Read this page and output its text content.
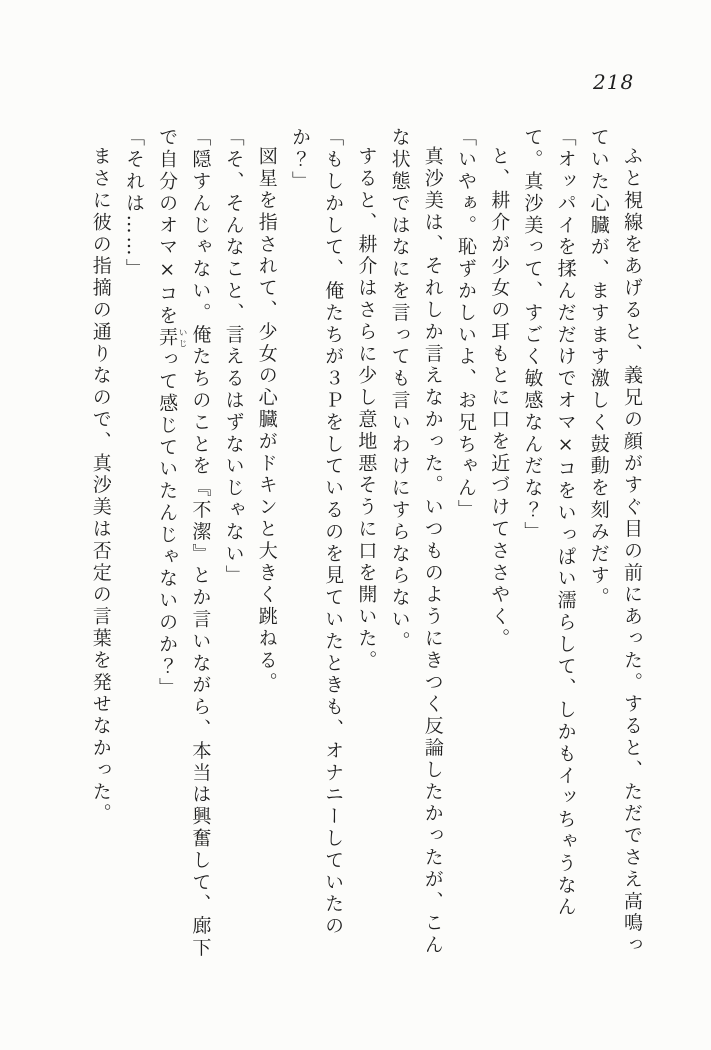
218

ふと視線をあげると、義兄の顔がすぐ目の前にあった。すると、ただでさえ高鳴っていた心臓が、ますます激しく鼓動を刻みだす。

「オッパイを揉んだだけでオマ×コをいっぱい濡らして、しかもイッちゃうなんて。真沙美って、すごく敏感なんだな？」

と、耕介が少女の耳もとに口を近づけてささやく。

「いやぁ。恥ずかしいよ、お兄ちゃん」

真沙美は、それしか言えなかった。いつものようにきつく反論したかったが、こんな状態ではなにを言っても言いわけにすらならない。

すると、耕介はさらに少し意地悪そうに口を開いた。

「もしかして、俺たちが３Ｐをしているのを見ていたときも、オナニーしていたのか？」

図星を指されて、少女の心臓がドキンと大きく跳ねる。

「そ、そんなこと、言えるはずないじゃない」

「隠すんじゃない。俺たちのことを『不潔』とか言いながら、本当は興奮して、廊下で自分のオマ×コを弄 いじって感じていたんじゃないのか？」

「それは……」

まさに彼の指摘の通りなので、真沙美は否定の言葉を発せなかった。
